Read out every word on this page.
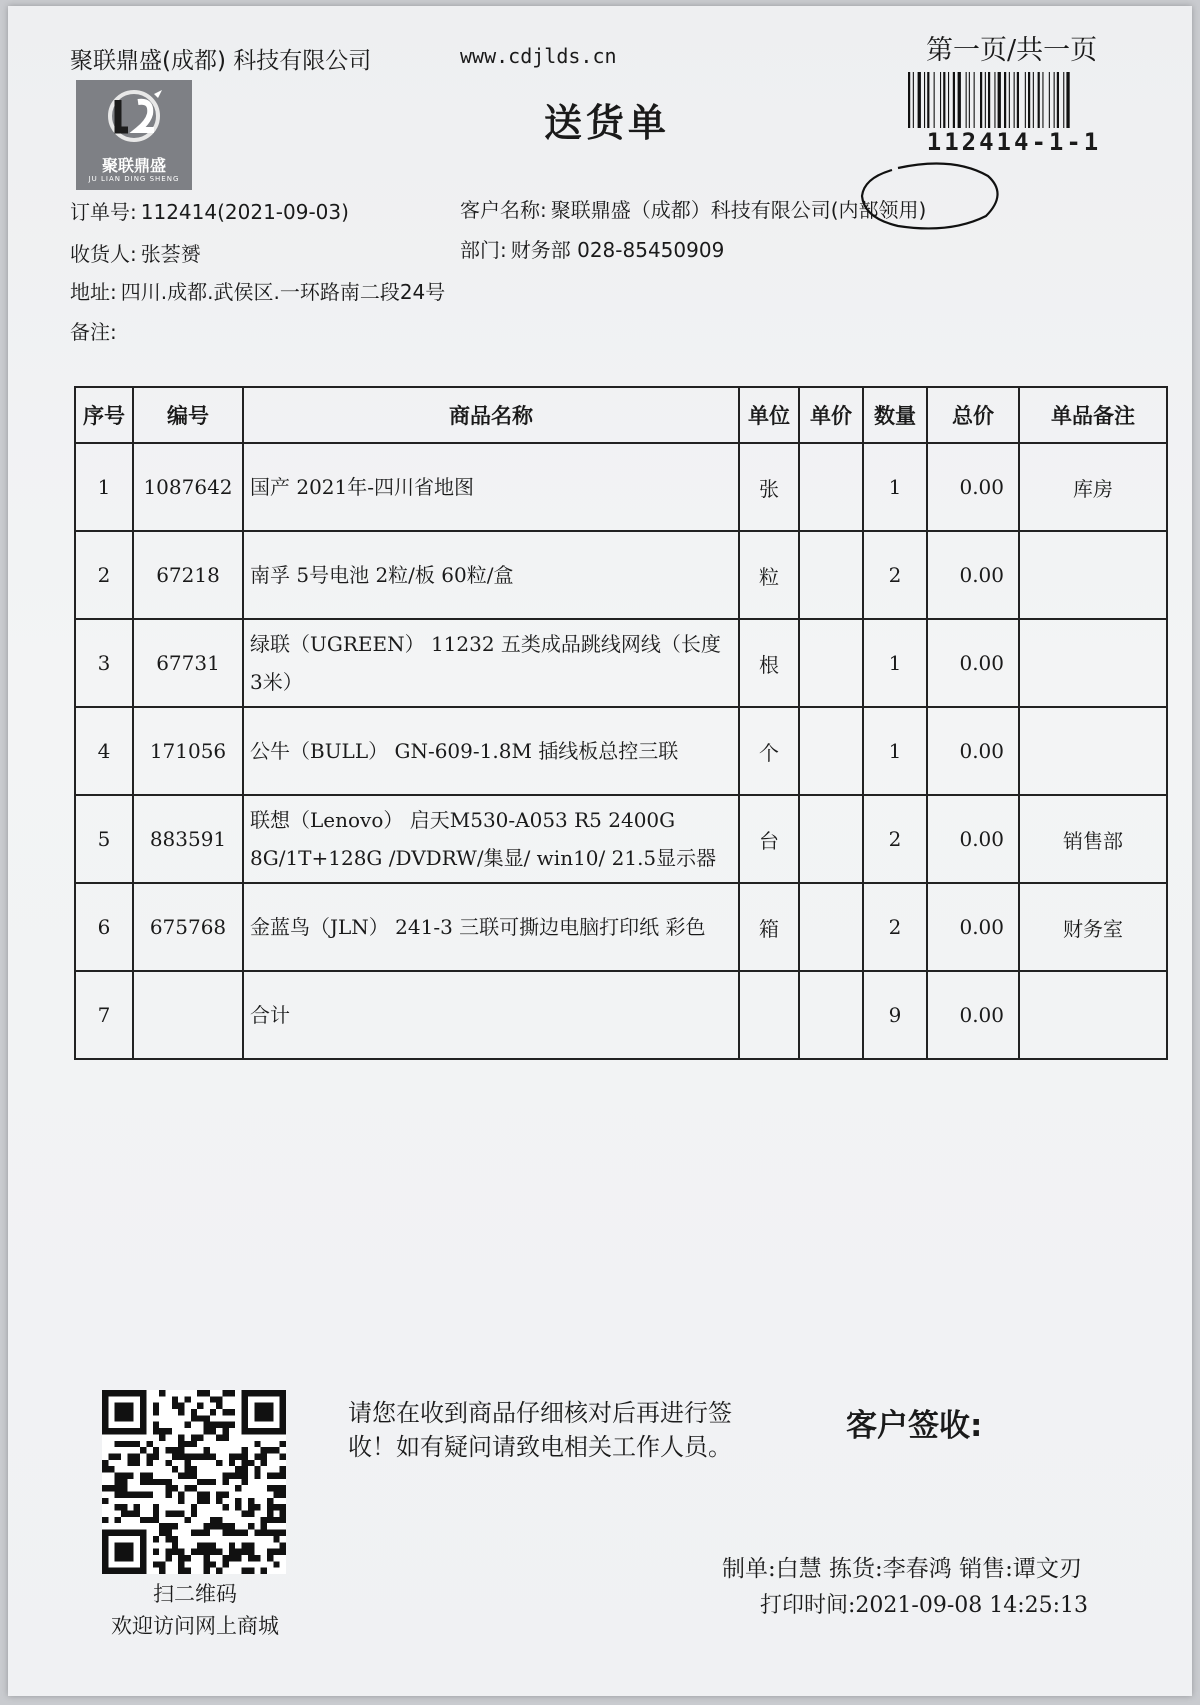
聚联鼎盛(成都) 科技有限公司	www.cdjlds.cn
聚联鼎盛
JU LIAN DING SHENG
送货单
第一页/共一页
112414-1-1
订单号: 112414(2021-09-03)	客户名称: 聚联鼎盛（成都）科技有限公司(内部领用)
收货人: 张荟赟	部门: 财务部 028-85450909
地址: 四川.成都.武侯区.一环路南二段24号
备注:
序号	编号	商品名称	单位	单价	数量	总价	单品备注
1	1087642	国产 2021年-四川省地图	张		1	0.00	库房
2	67218	南孚 5号电池 2粒/板 60粒/盒	粒		2	0.00	
3	67731	绿联（UGREEN） 11232 五类成品跳线网线（长度3米）	根		1	0.00	
4	171056	公牛（BULL） GN-609-1.8M 插线板总控三联	个		1	0.00	
5	883591	联想（Lenovo） 启天M530-A053 R5 2400G 8G/1T+128G /DVDRW/集显/ win10/ 21.5显示器	台		2	0.00	销售部
6	675768	金蓝鸟（JLN） 241-3 三联可撕边电脑打印纸 彩色	箱		2	0.00	财务室
7		合计			9	0.00	
扫二维码
欢迎访问网上商城
请您在收到商品仔细核对后再进行签收！如有疑问请致电相关工作人员。
客户签收:
制单:白慧 拣货:李春鸿 销售:谭文刃
打印时间:2021-09-08 14:25:13
